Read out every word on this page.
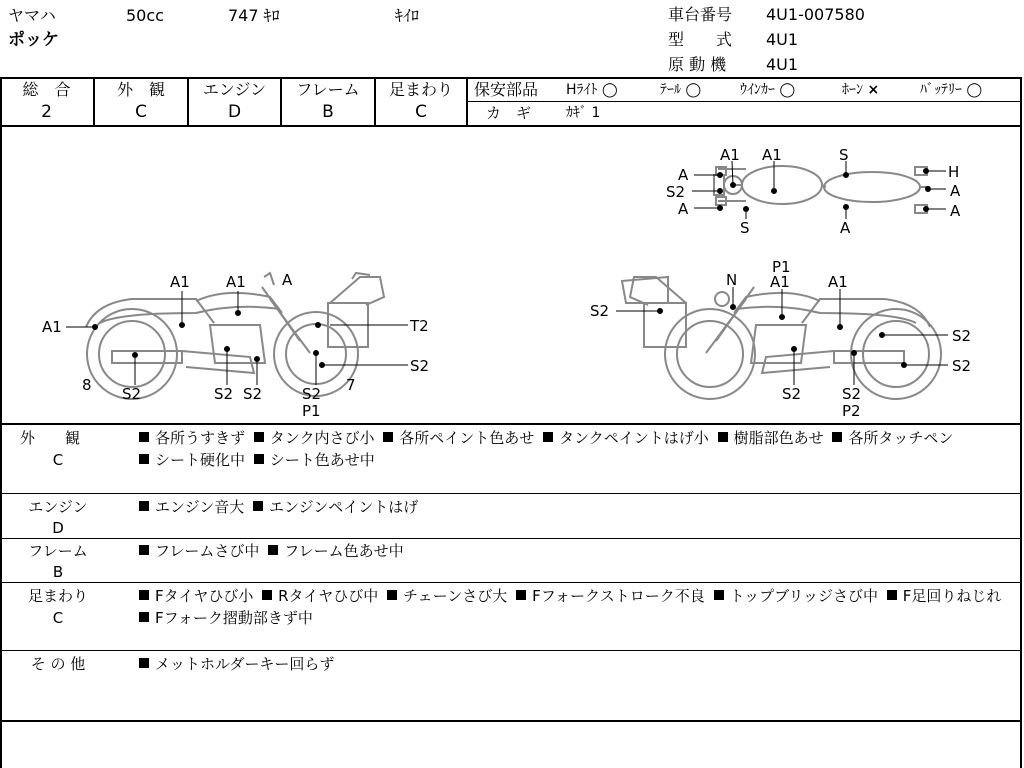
ヤマハ	50cc	747 ｷﾛ	ｷｲﾛ
ポッケ
車台番号 4U1-007580
型　　式 4U1
原 動 機 4U1
総　合	外　観	エンジン	フレーム	足まわり
2	C	D	B	C
保安部品 Hﾗｲﾄ ◯	ﾃｰﾙ ◯	ｳｲﾝｶｰ ◯	ﾎｰﾝ ×	ﾊﾞｯﾃﾘｰ ◯
カ　ギ ｶｷﾞ 1
A1 A1	S
H
A
A
A
S2
A
S	A
A1 A1 A
A1	T2
S2
8 S2	S2 S2	S2
P1
7
P1
N A1	A1
S2
S2
S2
S2	S2
P2
外　　観
C
各所うすきず タンク内さび小 各所ペイント色あせ タンクペイントはげ小 樹脂部色あせ 各所タッチペン シート硬化中 シート色あせ中
エンジン
D
エンジン音大 エンジンペイントはげ
フレーム
B
フレームさび中 フレーム色あせ中
足まわり
C
Fタイヤひび小 Rタイヤひび中 チェーンさび大 Fフォークストローク不良 トップブリッジさび中 F足回りねじれ Fフォーク摺動部きず中
そ の 他	メットホルダーキー回らず
